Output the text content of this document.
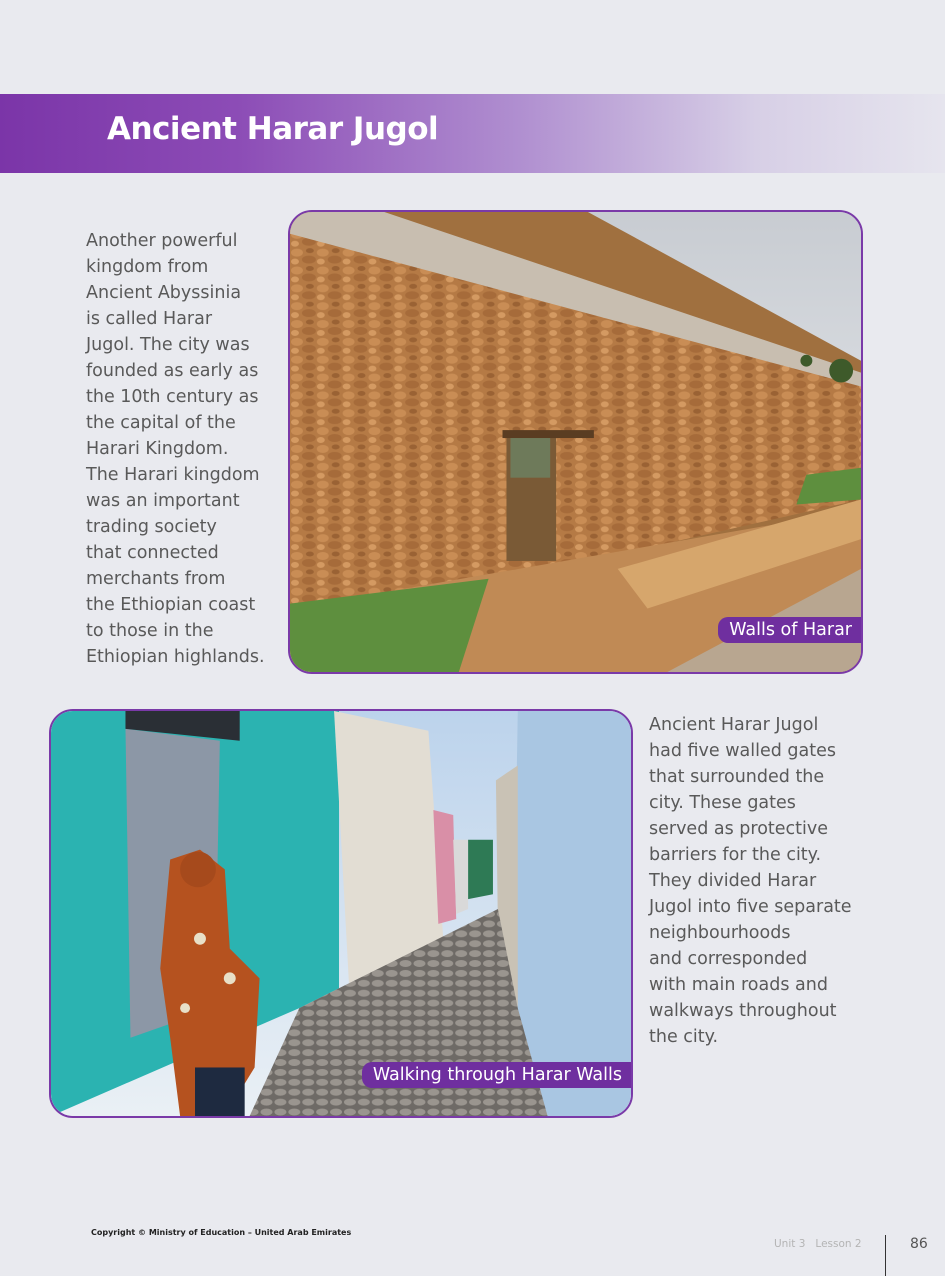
Ancient Harar Jugol

Another powerful
kingdom from
Ancient Abyssinia
is called Harar
Jugol. The city was
founded as early as
the 10th century as
the capital of the
Harari Kingdom.
The Harari kingdom
was an important
trading society
that connected
merchants from
the Ethiopian coast
to those in the
Ethiopian highlands.

Walls of Harar
Walking through Harar Walls

Ancient Harar Jugol
had five walled gates
that surrounded the
city. These gates
served as protective
barriers for the city.
They divided Harar
Jugol into five separate
neighbourhoods
and corresponded
with main roads and
walkways throughout
the city.

Copyright © Ministry of Education – United Arab Emirates
Unit 3 Lesson 2	86
